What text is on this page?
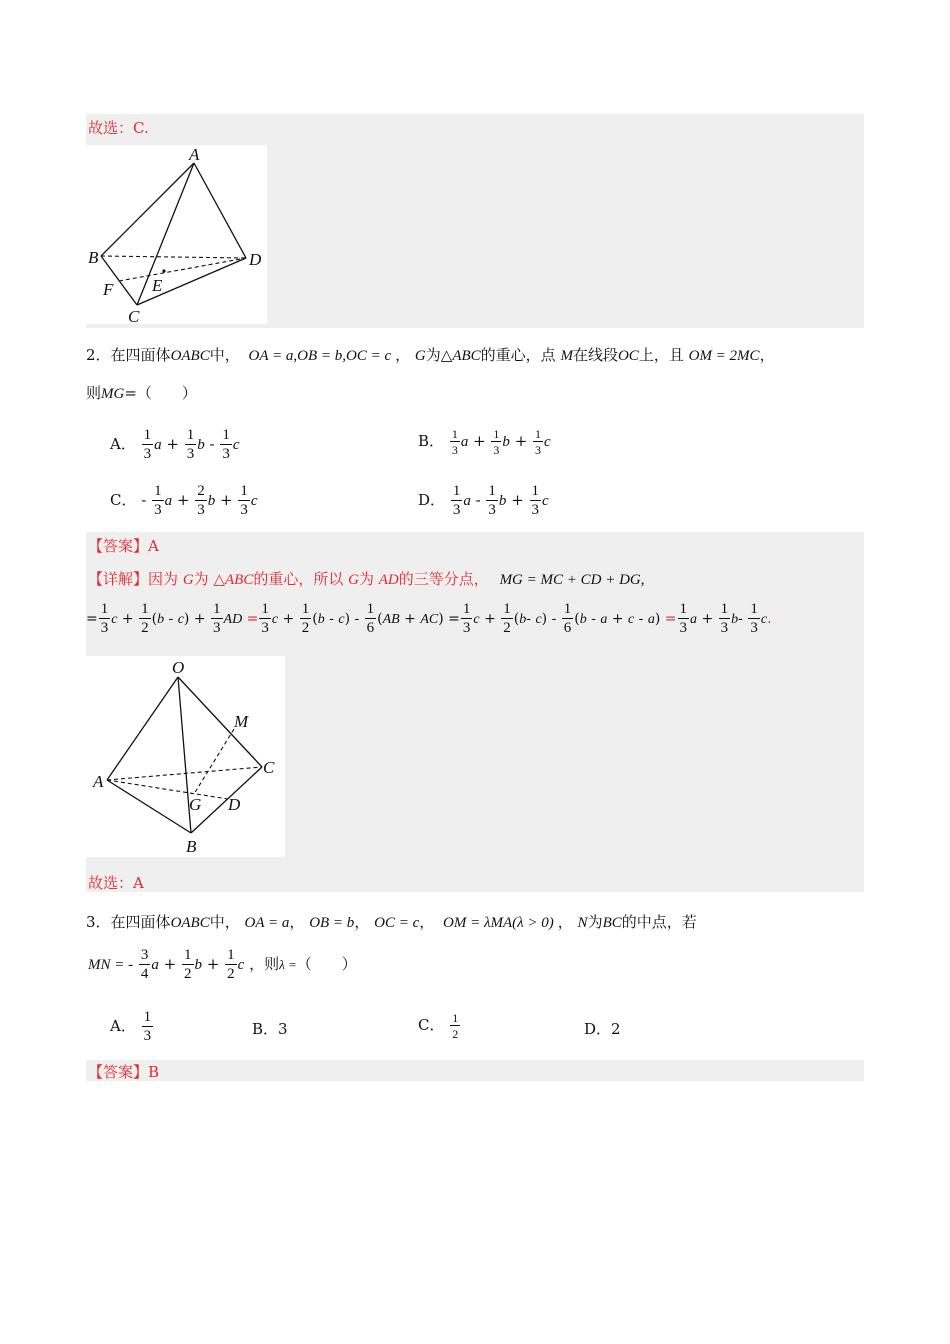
故选：C.
A
B
C
D
E
F
2．在四面体OABC中， OA = a,OB = b,OC = c ， G为△ABC的重心，点 M在线段OC上，且 OM = 2MC，
则MG=（　　）
A． $\frac{1}{3}$ $a + \frac{1}{3}$ b - $\frac{1}{3}$ c	B． $\frac{1}{3}$ $a + \frac{1}{3}$ $b + \frac{1}{3}$ c
C． - $\frac{1}{3}$ $a + \frac{2}{3}$ $b + \frac{1}{3}$ c	D． $\frac{1}{3}$ a - $\frac{1}{3}$ $b + \frac{1}{3}$ c
【答案】A
【详解】因为 G为 △ABC的重心，所以 G为 AD的三等分点， MG = MC + CD + DG,
= $\frac{1}{3}$ $c + \frac{1}{2} (b - c) + \frac{1}{3}$ AD = $\frac{1}{3}$ $c + \frac{1}{2} (b - c) - \frac{1}{6} (AB + AC) = \frac{1}{3}$ $c + \frac{1}{2} (b-$ $c) - \frac{1}{6} (b - a + c - a) = \frac{1}{3}$ $a + \frac{1}{3} b- \frac{1}{3} c$.
O
A
B
C
M
G D
故选：A
3．在四面体OABC中， OA = a， OB = b， OC = c， OM = λMA(λ > 0) ， N为BC的中点，若
MN = - $\frac{3}{4}$ $a + \frac{1}{2}$ $b + \frac{1}{2}$ c ，则λ =（　　）
A． $\frac{1}{3}$	B．3	C． $\frac{1}{2}$	D．2
【答案】B
